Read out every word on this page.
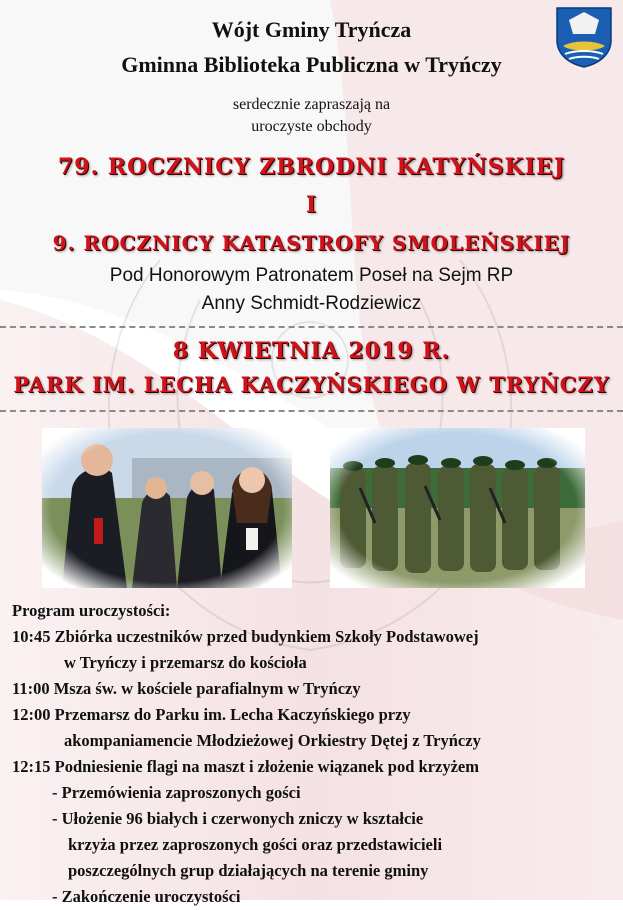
Wójt Gminy Tryńcza
Gminna Biblioteka Publiczna w Tryńczy
serdecznie zapraszają na
uroczyste obchody
79. ROCZNICY ZBRODNI KATYŃSKIEJ
I
9. ROCZNICY KATASTROFY SMOLEŃSKIEJ
Pod Honorowym Patronatem Poseł na Sejm RP
Anny Schmidt-Rodziewicz
8 KWIETNIA 2019 R.
PARK IM. LECHA KACZYŃSKIEGO W TRYŃCZY
Program uroczystości:
10:45 Zbiórka uczestników przed budynkiem Szkoły Podstawowej
w Tryńczy i przemarsz do kościoła
11:00 Msza św. w kościele parafialnym w Tryńczy
12:00 Przemarsz do Parku im. Lecha Kaczyńskiego przy
akompaniamencie Młodzieżowej Orkiestry Dętej z Tryńczy
12:15 Podniesienie flagi na maszt i złożenie wiązanek pod krzyżem
- Przemówienia zaproszonych gości
- Ułożenie 96 białych i czerwonych zniczy w kształcie
krzyża przez zaproszonych gości oraz przedstawicieli
poszczególnych grup działających na terenie gminy
- Zakończenie uroczystości
